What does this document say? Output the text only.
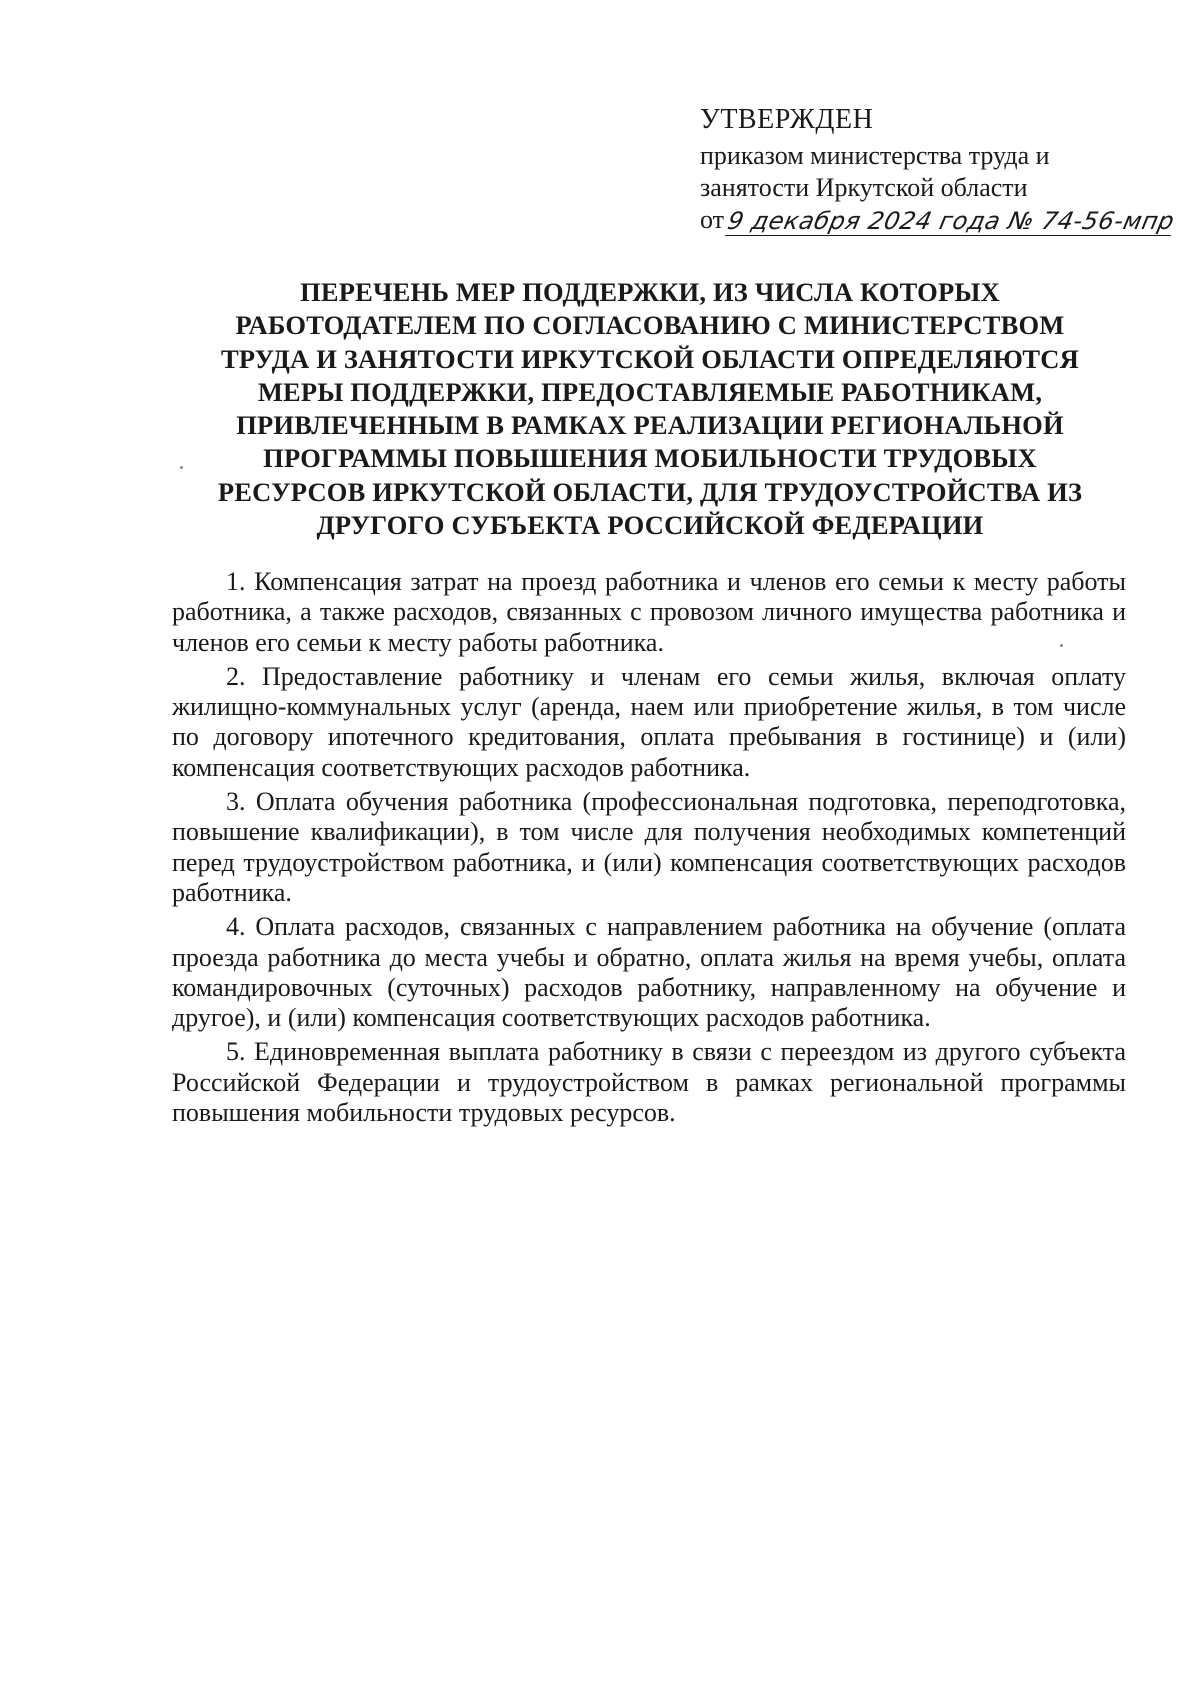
УТВЕРЖДЕН
приказом министерства труда и
занятости Иркутской области
от 9 декабря 2024 года № 74-56-мпр
ПЕРЕЧЕНЬ МЕР ПОДДЕРЖКИ, ИЗ ЧИСЛА КОТОРЫХ
РАБОТОДАТЕЛЕМ ПО СОГЛАСОВАНИЮ С МИНИСТЕРСТВОМ
ТРУДА И ЗАНЯТОСТИ ИРКУТСКОЙ ОБЛАСТИ ОПРЕДЕЛЯЮТСЯ
МЕРЫ ПОДДЕРЖКИ, ПРЕДОСТАВЛЯЕМЫЕ РАБОТНИКАМ,
ПРИВЛЕЧЕННЫМ В РАМКАХ РЕАЛИЗАЦИИ РЕГИОНАЛЬНОЙ
ПРОГРАММЫ ПОВЫШЕНИЯ МОБИЛЬНОСТИ ТРУДОВЫХ
РЕСУРСОВ ИРКУТСКОЙ ОБЛАСТИ, ДЛЯ ТРУДОУСТРОЙСТВА ИЗ
ДРУГОГО СУБЪЕКТА РОССИЙСКОЙ ФЕДЕРАЦИИ

1. Компенсация затрат на проезд работника и членов его семьи к месту работы работника, а также расходов, связанных с провозом личного имущества работника и членов его семьи к месту работы работника.

2. Предоставление работнику и членам его семьи жилья, включая оплату жилищно-коммунальных услуг (аренда, наем или приобретение жилья, в том числе по договору ипотечного кредитования, оплата пребывания в гостинице) и (или) компенсация соответствующих расходов работника.

3. Оплата обучения работника (профессиональная подготовка, переподготовка, повышение квалификации), в том числе для получения необходимых компетенций перед трудоустройством работника, и (или) компенсация соответствующих расходов работника.

4. Оплата расходов, связанных с направлением работника на обучение (оплата проезда работника до места учебы и обратно, оплата жилья на время учебы, оплата командировочных (суточных) расходов работнику, направленному на обучение и другое), и (или) компенсация соответствующих расходов работника.

5. Единовременная выплата работнику в связи с переездом из другого субъекта Российской Федерации и трудоустройством в рамках региональной программы повышения мобильности трудовых ресурсов.
